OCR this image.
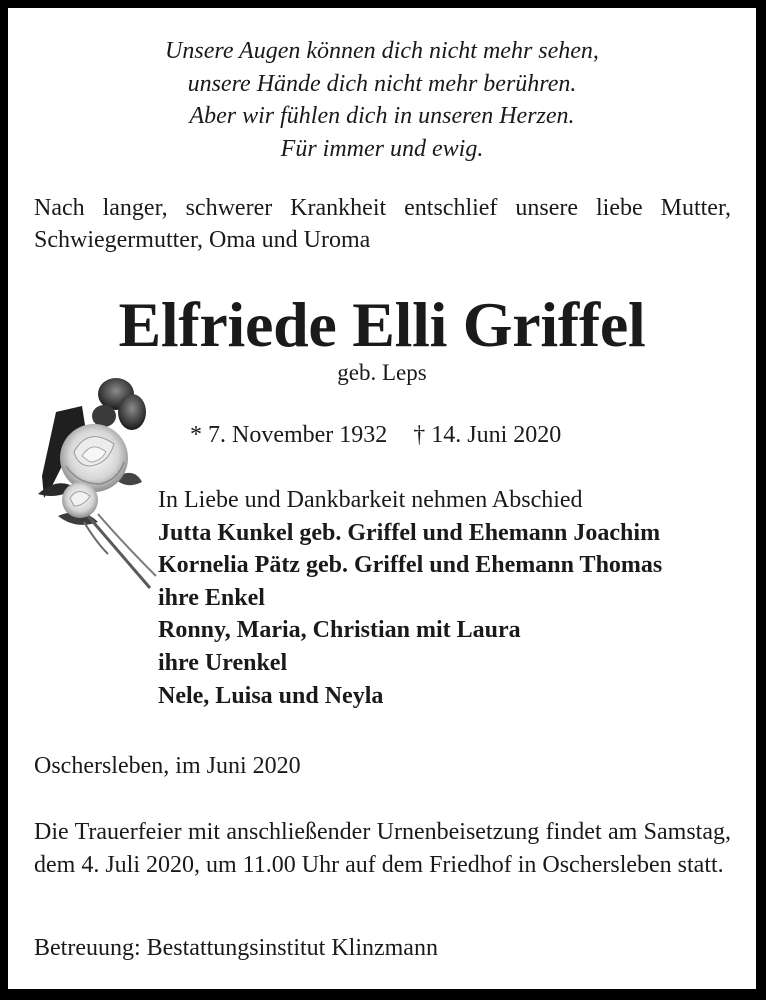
Unsere Augen können dich nicht mehr sehen,
unsere Hände dich nicht mehr berühren.
Aber wir fühlen dich in unseren Herzen.
Für immer und ewig.
Nach langer, schwerer Krankheit entschlief unsere liebe Mutter, Schwiegermutter, Oma und Uroma
Elfriede Elli Griffel
geb. Leps
* 7. November 1932 † 14. Juni 2020
In Liebe und Dankbarkeit nehmen Abschied
Jutta Kunkel geb. Griffel und Ehemann Joachim
Kornelia Pätz geb. Griffel und Ehemann Thomas
ihre Enkel
Ronny, Maria, Christian mit Laura
ihre Urenkel
Nele, Luisa und Neyla
Oschersleben, im Juni 2020
Die Trauerfeier mit anschließender Urnenbeisetzung findet am Samstag, dem 4. Juli 2020, um 11.00 Uhr auf dem Friedhof in Oschersleben statt.
Betreuung: Bestattungsinstitut Klinzmann
